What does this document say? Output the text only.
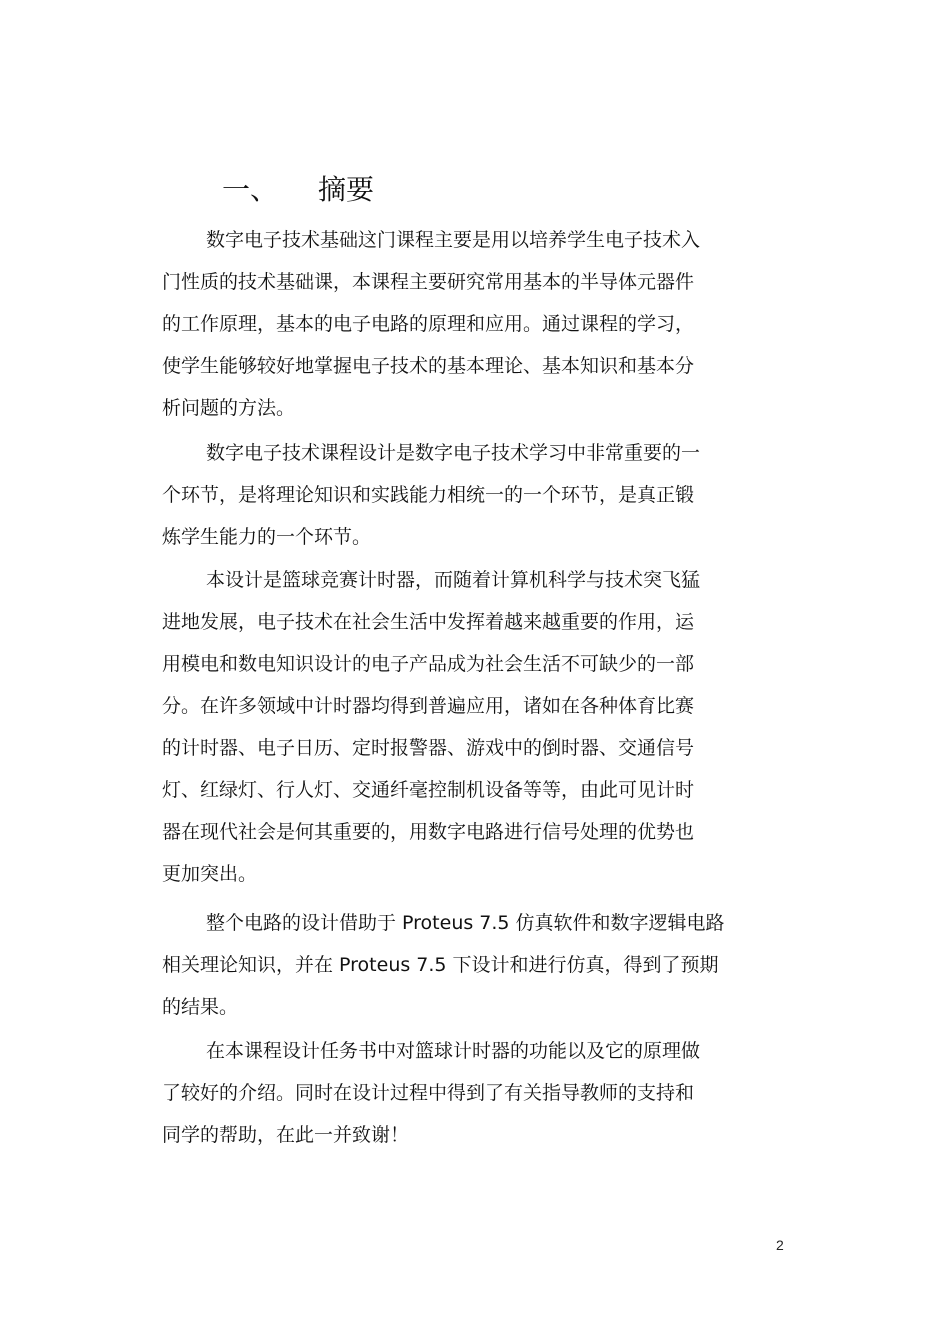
一、 摘要
数字电子技术基础这门课程主要是用以培养学生电子技术入
门性质的技术基础课，本课程主要研究常用基本的半导体元器件
的工作原理，基本的电子电路的原理和应用。通过课程的学习，
使学生能够较好地掌握电子技术的基本理论、基本知识和基本分
析问题的方法。
数字电子技术课程设计是数字电子技术学习中非常重要的一
个环节，是将理论知识和实践能力相统一的一个环节，是真正锻
炼学生能力的一个环节。
本设计是篮球竞赛计时器，而随着计算机科学与技术突飞猛
进地发展，电子技术在社会生活中发挥着越来越重要的作用，运
用模电和数电知识设计的电子产品成为社会生活不可缺少的一部
分。在许多领域中计时器均得到普遍应用，诸如在各种体育比赛
的计时器、电子日历、定时报警器、游戏中的倒时器、交通信号
灯、红绿灯、行人灯、交通纤毫控制机设备等等，由此可见计时
器在现代社会是何其重要的，用数字电路进行信号处理的优势也
更加突出。
整个电路的设计借助于 Proteus 7.5 仿真软件和数字逻辑电路
相关理论知识，并在 Proteus 7.5 下设计和进行仿真，得到了预期
的结果。
在本课程设计任务书中对篮球计时器的功能以及它的原理做
了较好的介绍。同时在设计过程中得到了有关指导教师的支持和
同学的帮助，在此一并致谢！
2
